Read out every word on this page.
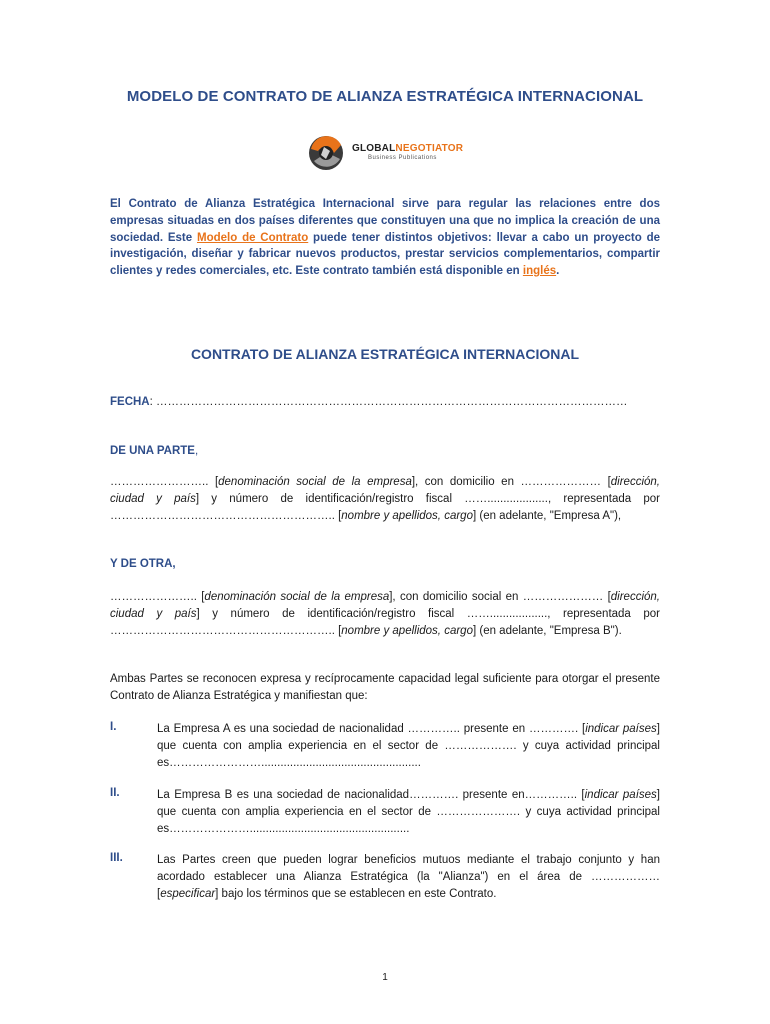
MODELO DE CONTRATO DE ALIANZA ESTRATÉGICA INTERNACIONAL
GLOBALNEGOTIATOR
Business Publications
El Contrato de Alianza Estratégica Internacional sirve para regular las relaciones entre dos empresas situadas en dos países diferentes que constituyen una que no implica la creación de una sociedad. Este Modelo de Contrato puede tener distintos objetivos: llevar a cabo un proyecto de investigación, diseñar y fabricar nuevos productos, prestar servicios complementarios, compartir clientes y redes comerciales, etc. Este contrato también está disponible en inglés.
CONTRATO DE ALIANZA ESTRATÉGICA INTERNACIONAL
FECHA: ……………………………………………………………………………………………………………
DE UNA PARTE,
…………………….. [denominación social de la empresa], con domicilio en ………………… [dirección, ciudad y país] y número de identificación/registro fiscal ……..................., representada por ………………………………………………….. [nombre y apellidos, cargo] (en adelante, "Empresa A"),
Y DE OTRA,
………………….. [denominación social de la empresa], con domicilio social en ………………… [dirección, ciudad y país] y número de identificación/registro fiscal …….................., representada por ………………………………………………….. [nombre y apellidos, cargo] (en adelante, "Empresa B").
Ambas Partes se reconocen expresa y recíprocamente capacidad legal suficiente para otorgar el presente Contrato de Alianza Estratégica y manifiestan que:
I.	La Empresa A es una sociedad de nacionalidad ………….. presente en …………. [indicar países] que cuenta con amplia experiencia en el sector de ………………. y cuya actividad principal es……………………..................................................
II.	La Empresa B es una sociedad de nacionalidad…………. presente en………….. [indicar países] que cuenta con amplia experiencia en el sector de …………………. y cuya actividad principal es…………………..................................................
III.	Las Partes creen que pueden lograr beneficios mutuos mediante el trabajo conjunto y han acordado establecer una Alianza Estratégica (la "Alianza") en el área de ……………… [especificar] bajo los términos que se establecen en este Contrato.
1
